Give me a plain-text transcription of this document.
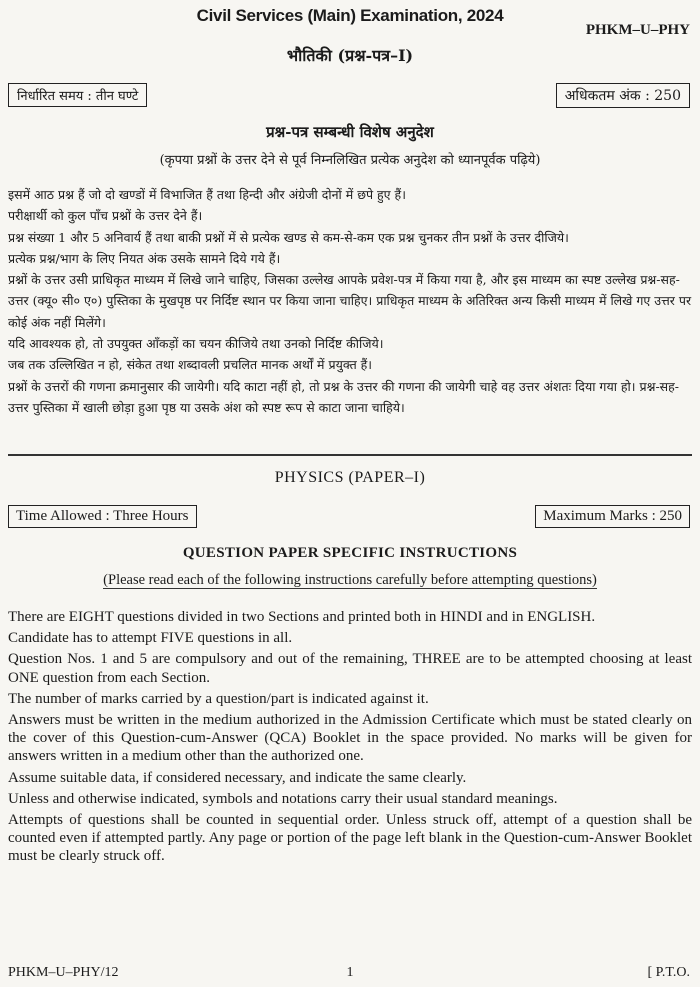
Civil Services (Main) Examination, 2024
PHKM–U–PHY
भौतिकी (प्रश्न-पत्र–I)
निर्धारित समय : तीन घण्टे	अधिकतम अंक : 250
प्रश्न-पत्र सम्बन्धी विशेष अनुदेश
(कृपया प्रश्नों के उत्तर देने से पूर्व निम्नलिखित प्रत्येक अनुदेश को ध्यानपूर्वक पढ़िये)

इसमें आठ प्रश्न हैं जो दो खण्डों में विभाजित हैं तथा हिन्दी और अंग्रेजी दोनों में छपे हुए हैं।

परीक्षार्थी को कुल पाँच प्रश्नों के उत्तर देने हैं।

प्रश्न संख्या 1 और 5 अनिवार्य हैं तथा बाकी प्रश्नों में से प्रत्येक खण्ड से कम-से-कम एक प्रश्न चुनकर तीन प्रश्नों के उत्तर दीजिये।

प्रत्येक प्रश्न/भाग के लिए नियत अंक उसके सामने दिये गये हैं।

प्रश्नों के उत्तर उसी प्राधिकृत माध्यम में लिखे जाने चाहिए, जिसका उल्लेख आपके प्रवेश-पत्र में किया गया है, और इस माध्यम का स्पष्ट उल्लेख प्रश्न-सह-उत्तर (क्यू० सी० ए०) पुस्तिका के मुखपृष्ठ पर निर्दिष्ट स्थान पर किया जाना चाहिए। प्राधिकृत माध्यम के अतिरिक्त अन्य किसी माध्यम में लिखे गए उत्तर पर कोई अंक नहीं मिलेंगे।

यदि आवश्यक हो, तो उपयुक्त आँकड़ों का चयन कीजिये तथा उनको निर्दिष्ट कीजिये।

जब तक उल्लिखित न हो, संकेत तथा शब्दावली प्रचलित मानक अर्थों में प्रयुक्त हैं।

प्रश्नों के उत्तरों की गणना क्रमानुसार की जायेगी। यदि काटा नहीं हो, तो प्रश्न के उत्तर की गणना की जायेगी चाहे वह उत्तर अंशतः दिया गया हो। प्रश्न-सह-उत्तर पुस्तिका में खाली छोड़ा हुआ पृष्ठ या उसके अंश को स्पष्ट रूप से काटा जाना चाहिये।

PHYSICS (PAPER–I)
Time Allowed : Three Hours	Maximum Marks : 250
QUESTION PAPER SPECIFIC INSTRUCTIONS
(Please read each of the following instructions carefully before attempting questions)

There are EIGHT questions divided in two Sections and printed both in HINDI and in ENGLISH.

Candidate has to attempt FIVE questions in all.

Question Nos. 1 and 5 are compulsory and out of the remaining, THREE are to be attempted choosing at least ONE question from each Section.

The number of marks carried by a question/part is indicated against it.

Answers must be written in the medium authorized in the Admission Certificate which must be stated clearly on the cover of this Question-cum-Answer (QCA) Booklet in the space provided. No marks will be given for answers written in a medium other than the authorized one.

Assume suitable data, if considered necessary, and indicate the same clearly.

Unless and otherwise indicated, symbols and notations carry their usual standard meanings.

Attempts of questions shall be counted in sequential order. Unless struck off, attempt of a question shall be counted even if attempted partly. Any page or portion of the page left blank in the Question-cum-Answer Booklet must be clearly struck off.

PHKM–U–PHY/12	1	[ P.T.O.
